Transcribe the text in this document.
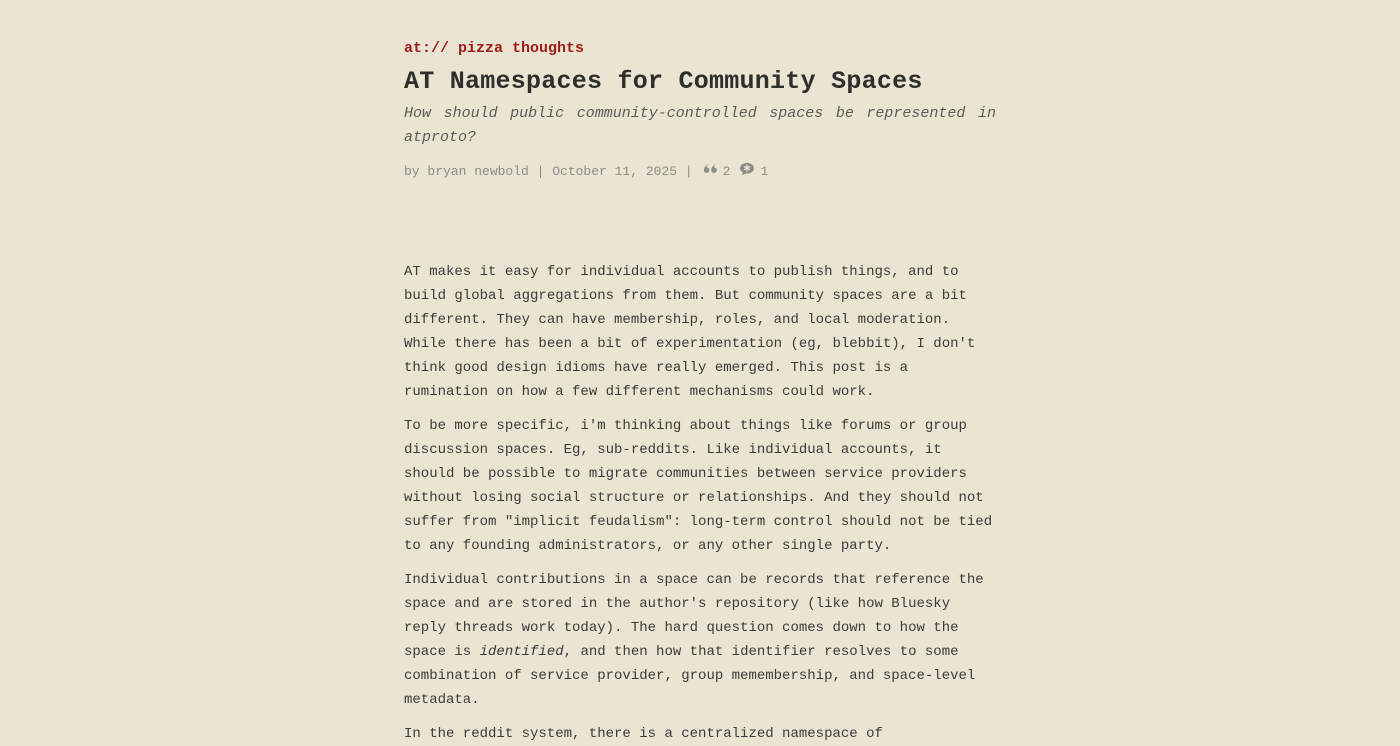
at:// pizza thoughts
AT Namespaces for Community Spaces

How should public community-controlled spaces be represented in atproto?

by bryan newbold | October 11, 2025 | 2 1

AT makes it easy for individual accounts to publish things, and to build global aggregations from them. But community spaces are a bit different. They can have membership, roles, and local moderation. While there has been a bit of experimentation (eg, blebbit), I don't think good design idioms have really emerged. This post is a rumination on how a few different mechanisms could work.

To be more specific, i'm thinking about things like forums or group discussion spaces. Eg, sub-reddits. Like individual accounts, it should be possible to migrate communities between service providers without losing social structure or relationships. And they should not suffer from "implicit feudalism": long-term control should not be tied to any founding administrators, or any other single party.

Individual contributions in a space can be records that reference the space and are stored in the author's repository (like how Bluesky reply threads work today). The hard question comes down to how the space is identified, and then how that identifier resolves to some combination of service provider, group memembership, and space-level metadata.

In the reddit system, there is a centralized namespace of
